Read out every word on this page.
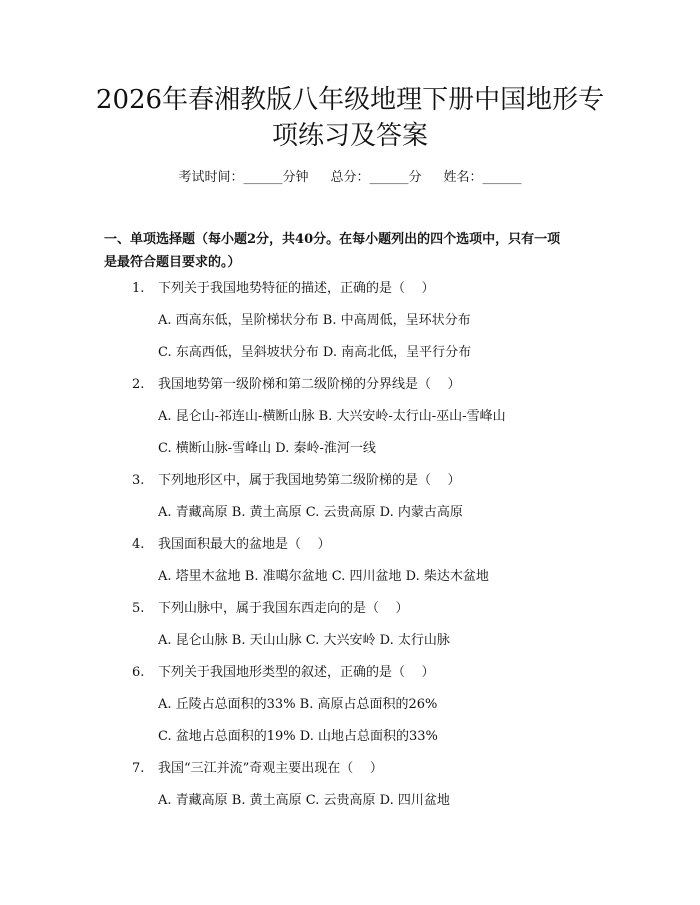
2026年春湘教版八年级地理下册中国地形专
项练习及答案
考试时间：______分钟 总分：______分 姓名：______
一、单项选择题（每小题2分，共40分。在每小题列出的四个选项中，只有一项
是最符合题目要求的。）
1. 下列关于我国地势特征的描述，正确的是（    ）
A. 西高东低，呈阶梯状分布 B. 中高周低，呈环状分布
C. 东高西低，呈斜坡状分布 D. 南高北低，呈平行分布
2. 我国地势第一级阶梯和第二级阶梯的分界线是（    ）
A. 昆仑山-祁连山-横断山脉 B. 大兴安岭-太行山-巫山-雪峰山
C. 横断山脉-雪峰山 D. 秦岭-淮河一线
3. 下列地形区中，属于我国地势第二级阶梯的是（    ）
A. 青藏高原 B. 黄土高原 C. 云贵高原 D. 内蒙古高原
4. 我国面积最大的盆地是（    ）
A. 塔里木盆地 B. 准噶尔盆地 C. 四川盆地 D. 柴达木盆地
5. 下列山脉中，属于我国东西走向的是（    ）
A. 昆仑山脉 B. 天山山脉 C. 大兴安岭 D. 太行山脉
6. 下列关于我国地形类型的叙述，正确的是（    ）
A. 丘陵占总面积的33% B. 高原占总面积的26%
C. 盆地占总面积的19% D. 山地占总面积的33%
7. 我国“三江并流”奇观主要出现在（    ）
A. 青藏高原 B. 黄土高原 C. 云贵高原 D. 四川盆地
